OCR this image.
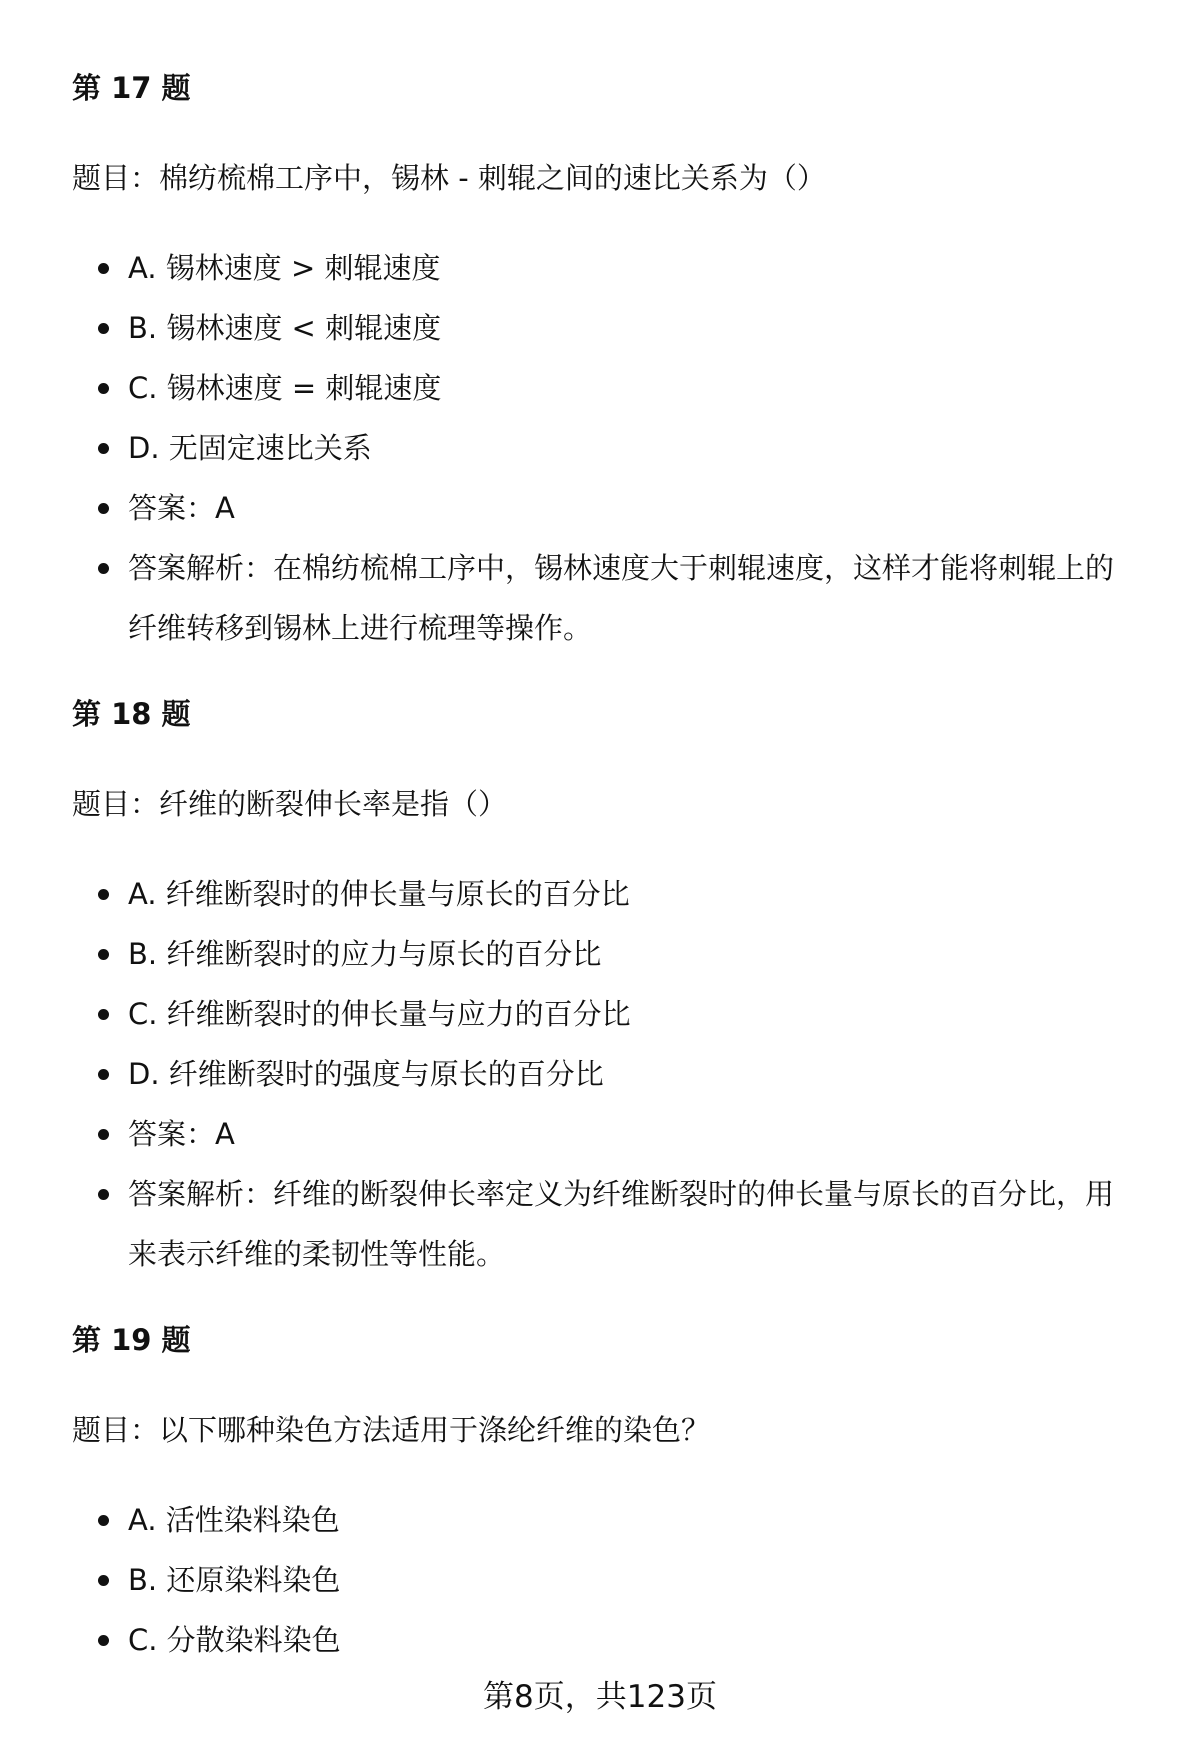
第 17 题

题目：棉纺梳棉工序中，锡林 - 刺辊之间的速比关系为（）

A. 锡林速度 > 刺辊速度
B. 锡林速度 < 刺辊速度
C. 锡林速度 = 刺辊速度
D. 无固定速比关系
答案：A
答案解析：在棉纺梳棉工序中，锡林速度大于刺辊速度，这样才能将刺辊上的纤维转移到锡林上进行梳理等操作。

第 18 题

题目：纤维的断裂伸长率是指（）

A. 纤维断裂时的伸长量与原长的百分比
B. 纤维断裂时的应力与原长的百分比
C. 纤维断裂时的伸长量与应力的百分比
D. 纤维断裂时的强度与原长的百分比
答案：A
答案解析：纤维的断裂伸长率定义为纤维断裂时的伸长量与原长的百分比，用来表示纤维的柔韧性等性能。

第 19 题

题目：以下哪种染色方法适用于涤纶纤维的染色？

A. 活性染料染色
B. 还原染料染色
C. 分散染料染色
第8页，共123页
